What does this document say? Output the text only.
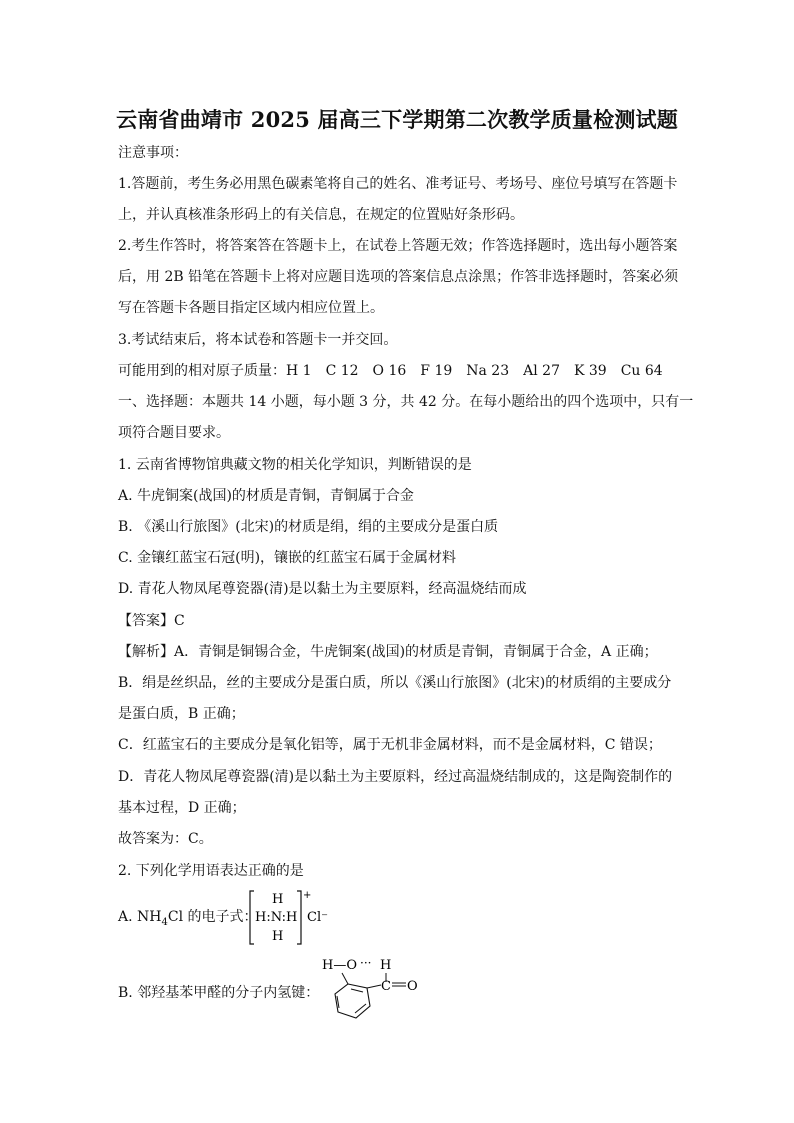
云南省曲靖市 2025 届高三下学期第二次教学质量检测试题
注意事项：
1.答题前，考生务必用黑色碳素笔将自己的姓名、准考证号、考场号、座位号填写在答题卡
上，并认真核准条形码上的有关信息，在规定的位置贴好条形码。
2.考生作答时，将答案答在答题卡上，在试卷上答题无效；作答选择题时，选出每小题答案
后，用 2B 铅笔在答题卡上将对应题目选项的答案信息点涂黑；作答非选择题时，答案必须
写在答题卡各题目指定区域内相应位置上。
3.考试结束后，将本试卷和答题卡一并交回。
可能用到的相对原子质量：H 1　C 12　O 16　F 19　Na 23　Al 27　K 39　Cu 64
一、选择题：本题共 14 小题，每小题 3 分，共 42 分。在每小题给出的四个选项中，只有一
项符合题目要求。
1. 云南省博物馆典藏文物的相关化学知识，判断错误的是
A. 牛虎铜案(战国)的材质是青铜，青铜属于合金
B. 《溪山行旅图》(北宋)的材质是绢，绢的主要成分是蛋白质
C. 金镶红蓝宝石冠(明)，镶嵌的红蓝宝石属于金属材料
D. 青花人物凤尾尊瓷器(清)是以黏土为主要原料，经高温烧结而成
【答案】C
【解析】A．青铜是铜锡合金，牛虎铜案(战国)的材质是青铜，青铜属于合金，A 正确；
B．绢是丝织品，丝的主要成分是蛋白质，所以《溪山行旅图》(北宋)的材质绢的主要成分
是蛋白质，B 正确；
C．红蓝宝石的主要成分是氧化铝等，属于无机非金属材料，而不是金属材料，C 错误；
D．青花人物凤尾尊瓷器(清)是以黏土为主要原料，经过高温烧结制成的，这是陶瓷制作的
基本过程，D 正确；
故答案为：C。
2. 下列化学用语表达正确的是
A. $NH_4Cl$ 的电子式：
H
H:N:H
H
+
Cl⁻
B. 邻羟基苯甲醛的分子内氢键：
H—O ··· H
C O
